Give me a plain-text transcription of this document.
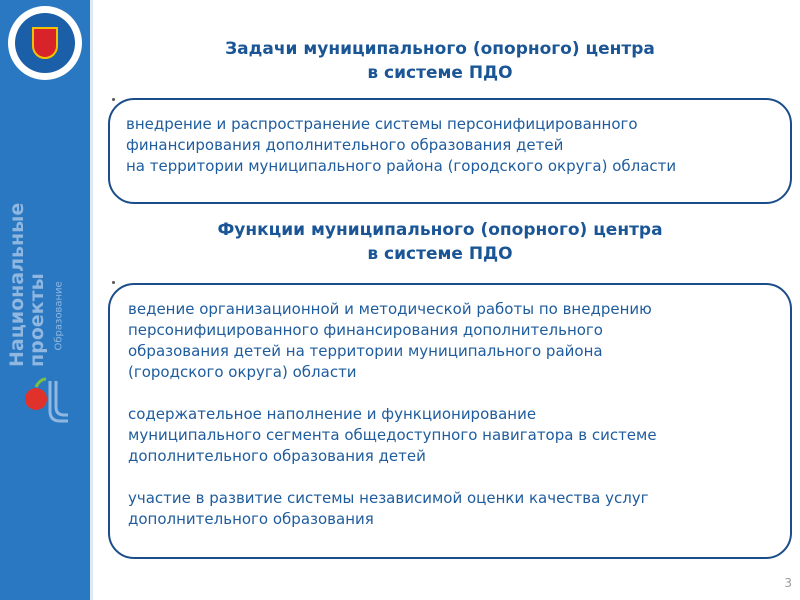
Национальные
проекты Образование
Задачи муниципального (опорного) центра
в системе ПДО

внедрение и распространение системы персонифицированного
финансирования дополнительного образования детей
на территории муниципального района (городского округа) области

Функции муниципального (опорного) центра
в системе ПДО

ведение организационной и методической работы по внедрению
персонифицированного финансирования дополнительного
образования детей на территории муниципального района
(городского округа) области

содержательное наполнение и функционирование
муниципального сегмента общедоступного навигатора в системе
дополнительного образования детей

участие в развитие системы независимой оценки качества услуг
дополнительного образования

3
